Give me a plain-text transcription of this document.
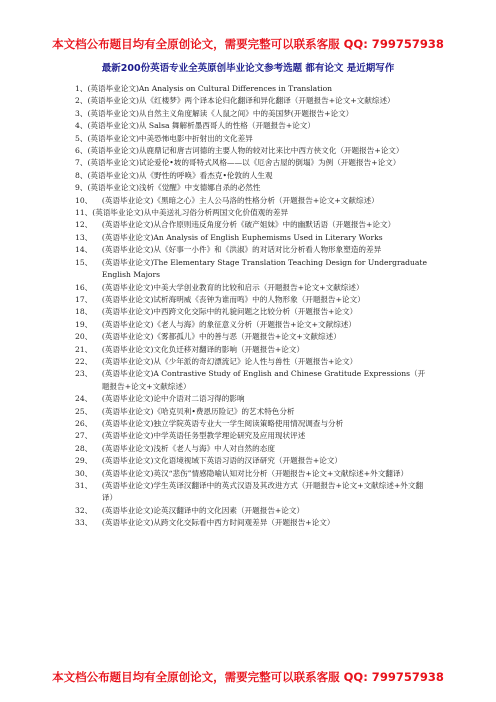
本文档公布题目均有全原创论文，需要完整可以联系客服 QQ: 799757938
最新200份英语专业全英原创毕业论文参考选题 都有论文 是近期写作
1、 (英语毕业论文)An Analysis on Cultural Differences in Translation
2、 (英语毕业论文)从《红楼梦》两个译本论归化翻译和异化翻译（开题报告+论文+文献综述）
3、 (英语毕业论文)从自然主义角度解读《人鼠之间》中的美国梦(开题报告+论文）
4、 (英语毕业论文)从 Salsa 舞解析墨西哥人的性格（开题报告+论文）
5、 (英语毕业论文)中美恐怖电影中折射出的文化差异
6、 (英语毕业论文)从鹿鼎记和唐吉诃德的主要人物的较对比来比中西方侠文化（开题报告+论文）
7、 (英语毕业论文)试论爱伦•坡的哥特式风格——以《厄舍古屋的倒塌》为例（开题报告+论文）
8、 (英语毕业论文)从《野性的呼唤》看杰克•伦敦的人生观
9、 (英语毕业论文)浅析《觉醒》中支德娜自杀的必然性
10、 (英语毕业论文)《黑暗之心》主人公马洛的性格分析（开题报告+论文+文献综述）
11、 (英语毕业论文)从中美送礼习俗分析两国文化价值观的差异
12、 (英语毕业论文)从合作原则违反角度分析《破产姐妹》中的幽默话语（开题报告+论文）
13、 (英语毕业论文)An Analysis of English Euphemisms Used in Literary Works
14、 (英语毕业论文)从《好事一小件》和《洪淑》的对话对比分析看人物形象塑造的差异
15、 (英语毕业论文)The Elementary Stage Translation Teaching Design for Undergraduate English Majors
16、 (英语毕业论文)中美大学创业教育的比较和启示（开题报告+论文+文献综述）
17、 (英语毕业论文)试析海明威《丧钟为谁而鸣》中的人物形象（开题报告+论文）
18、 (英语毕业论文)中西跨文化交际中的礼貌问题之比较分析（开题报告+论文）
19、 (英语毕业论文)《老人与海》的象征意义分析（开题报告+论文+文献综述）
20、 (英语毕业论文)《雾都孤儿》中的善与恶（开题报告+论文+文献综述）
21、 (英语毕业论文)文化负迁移对翻译的影响（开题报告+论文）
22、 (英语毕业论文)从《少年派的奇幻漂流记》论人性与兽性（开题报告+论文）
23、 (英语毕业论文)A Contrastive Study of English and Chinese Gratitude Expressions（开题报告+论文+文献综述）
24、 (英语毕业论文)论中介语对二语习得的影响
25、 (英语毕业论文)《哈克贝利•费恩历险记》的艺术特色分析
26、 (英语毕业论文)独立学院英语专业大一学生阅读策略使用情况调查与分析
27、 (英语毕业论文)中学英语任务型教学理论研究及应用现状评述
28、 (英语毕业论文)浅析《老人与海》中人对自然的态度
29、 (英语毕业论文)文化语境视域下英语习语的汉译研究（开题报告+论文）
30、 (英语毕业论文)英汉“悲伤”情感隐喻认知对比分析（开题报告+论文+文献综述+外文翻译）
31、 (英语毕业论文)学生英译汉翻译中的英式汉语及其改进方式（开题报告+论文+文献综述+外文翻译）
32、 (英语毕业论文)论英汉翻译中的文化因素（开题报告+论文）
33、 (英语毕业论文)从跨文化交际看中西方时间观差异（开题报告+论文）
本文档公布题目均有全原创论文，需要完整可以联系客服 QQ: 799757938
